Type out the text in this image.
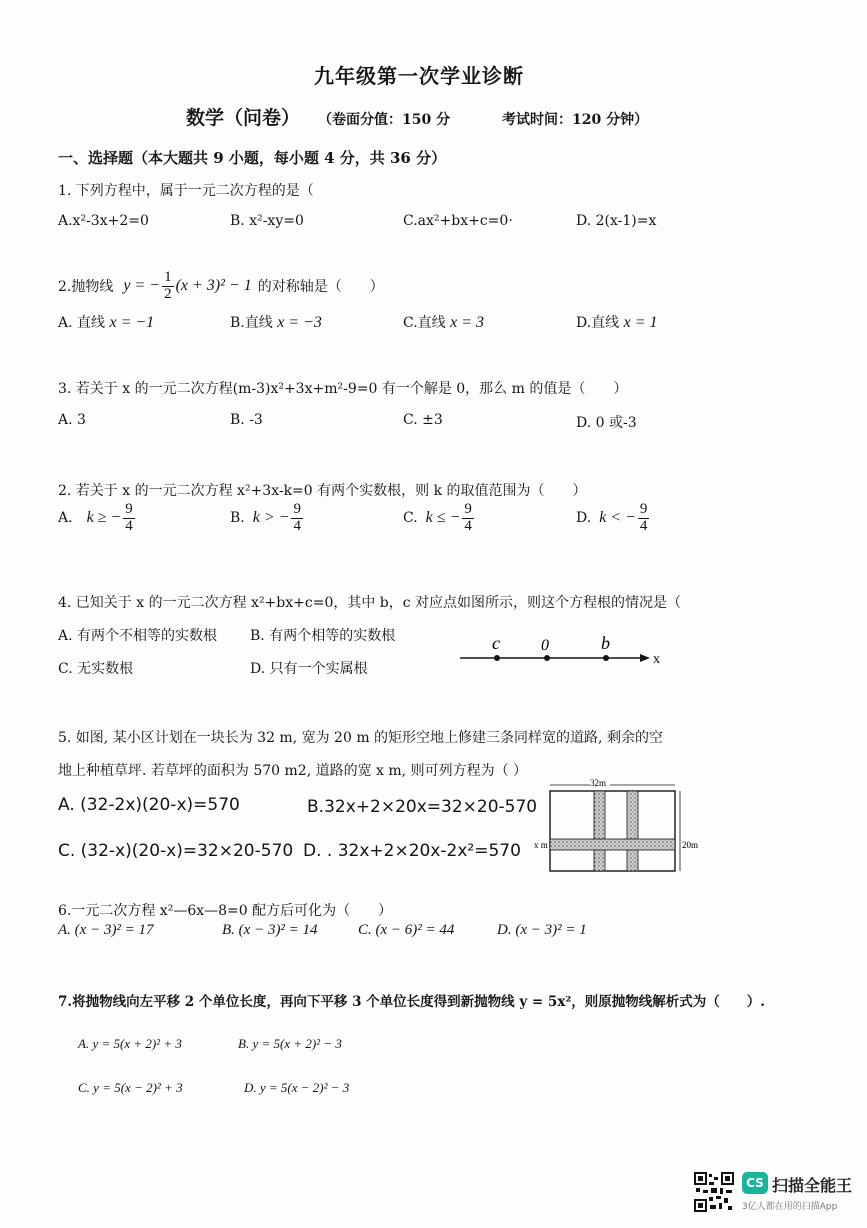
九年级第一次学业诊断
数学（问卷） （卷面分值：150 分	考试时间：120 分钟）
一、选择题（本大题共 9 小题，每小题 4 分，共 36 分）
1. 下列方程中，属于一元二次方程的是（
A.x²-3x+2=0	B. x²-xy=0	C.ax²+bx+c=0·	D. 2(x-1)=x
2.抛物线 y = − $\frac{1}{2} (x + 3)^2 - 1$ 的对称轴是（　　）
A. 直线 x = −1	B.直线 x = −3	C.直线 x = 3	D.直线 x = 1
3. 若关于 x 的一元二次方程(m-3)x²+3x+m²-9=0 有一个解是 0，那么 m 的值是（　　）
A. 3	B. -3	C. ±3	D. 0 或-3
2. 若关于 x 的一元二次方程 x²+3x-k=0 有两个实数根，则 k 的取值范围为（　　）
A. k ≥ − $\frac{9}{4}$	B. k > − $\frac{9}{4}$	C. k ≤ − $\frac{9}{4}$	D. k < − $\frac{9}{4}$
4. 已知关于 x 的一元二次方程 x²+bx+c=0，其中 b，c 对应点如图所示，则这个方程根的情况是（
A. 有两个不相等的实数根 B. 有两个相等的实数根
C. 无实数根	D. 只有一个实属根
c	0	b
x
5. 如图, 某小区计划在一块长为 32 m, 宽为 20 m 的矩形空地上修建三条同样宽的道路, 剩余的空
地上种植草坪. 若草坪的面积为 570 m2, 道路的宽 x m, 则可列方程为（ ）
A. (32-2x)(20-x)=570	B.32x+2×20x=32×20-570
C. (32-x)(20-x)=32×20-570 D. . 32x+2×20x-2x²=570
32m
20m
x m
6.一元二次方程 x²—6x—8=0 配方后可化为（　　）
A. (x − 3)² = 17	B. (x − 3)² = 14	C. (x − 6)² = 44	D. (x − 3)² = 1
7.将抛物线向左平移 2 个单位长度，再向下平移 3 个单位长度得到新抛物线 y = 5x²，则原抛物线解析式为（　　）.
A. y = 5(x + 2)² + 3	B. y = 5(x + 2)² − 3
C. y = 5(x − 2)² + 3	D. y = 5(x − 2)² − 3
CS 扫描全能王
3亿人都在用的扫描App
